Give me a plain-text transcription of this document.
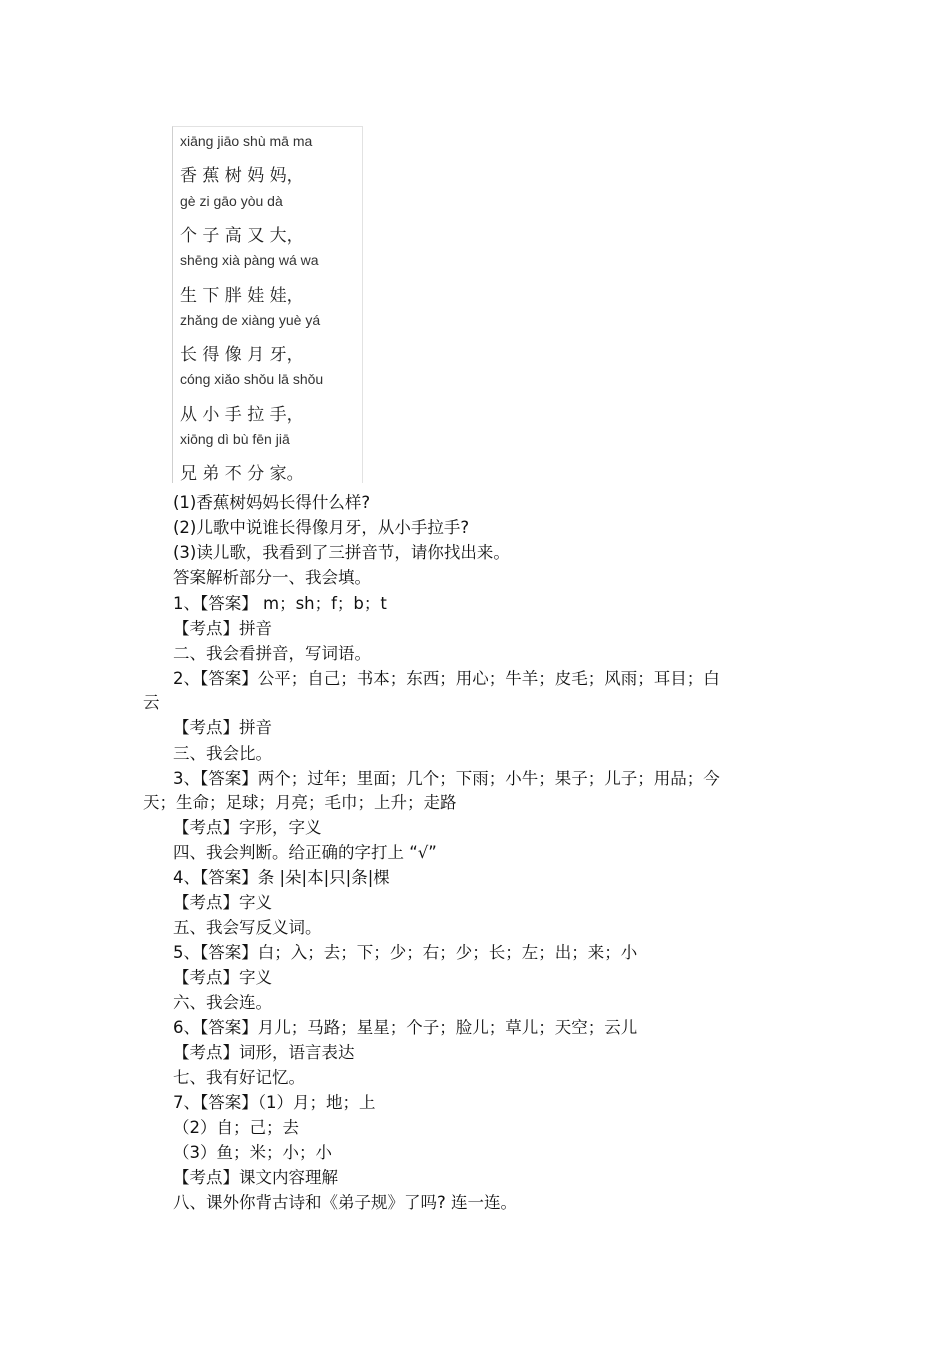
xiāng jiāo shù mā ma
香 蕉 树 妈 妈，
gè zi gāo yòu dà
个 子 高 又 大，
shēng xià pàng wá wa
生 下 胖 娃 娃，
zhǎng de xiàng yuè yá
长 得 像 月 牙，
cóng xiǎo shǒu lā shǒu
从 小 手 拉 手，
xiōng dì bù fēn jiā
兄 弟 不 分 家。
(1)香蕉树妈妈长得什么样?
(2)儿歌中说谁长得像月牙，从小手拉手?
(3)读儿歌，我看到了三拼音节，请你找出来。
答案解析部分一、我会填。
1、【答案】 m；sh；f；b；t
【考点】拼音
二、我会看拼音，写词语。
2、【答案】公平；自己；书本；东西；用心；牛羊；皮毛；风雨；耳目；白
云
【考点】拼音
三、我会比。
3、【答案】两个；过年；里面；几个；下雨；小牛；果子；儿子；用品；今
天；生命；足球；月亮；毛巾；上升；走路
【考点】字形，字义
四、我会判断。给正确的字打上 “√”
4、【答案】条 |朵|本|只|条|棵
【考点】字义
五、我会写反义词。
5、【答案】白；入；去；下；少；右；少；长；左；出；来；小
【考点】字义
六、我会连。
6、【答案】月儿；马路；星星；个子；脸儿；草儿；天空；云儿
【考点】词形，语言表达
七、我有好记忆。
7、【答案】（1）月；地；上
（2）自；己；去
（3）鱼；米；小；小
【考点】课文内容理解
八、课外你背古诗和《弟子规》了吗? 连一连。
